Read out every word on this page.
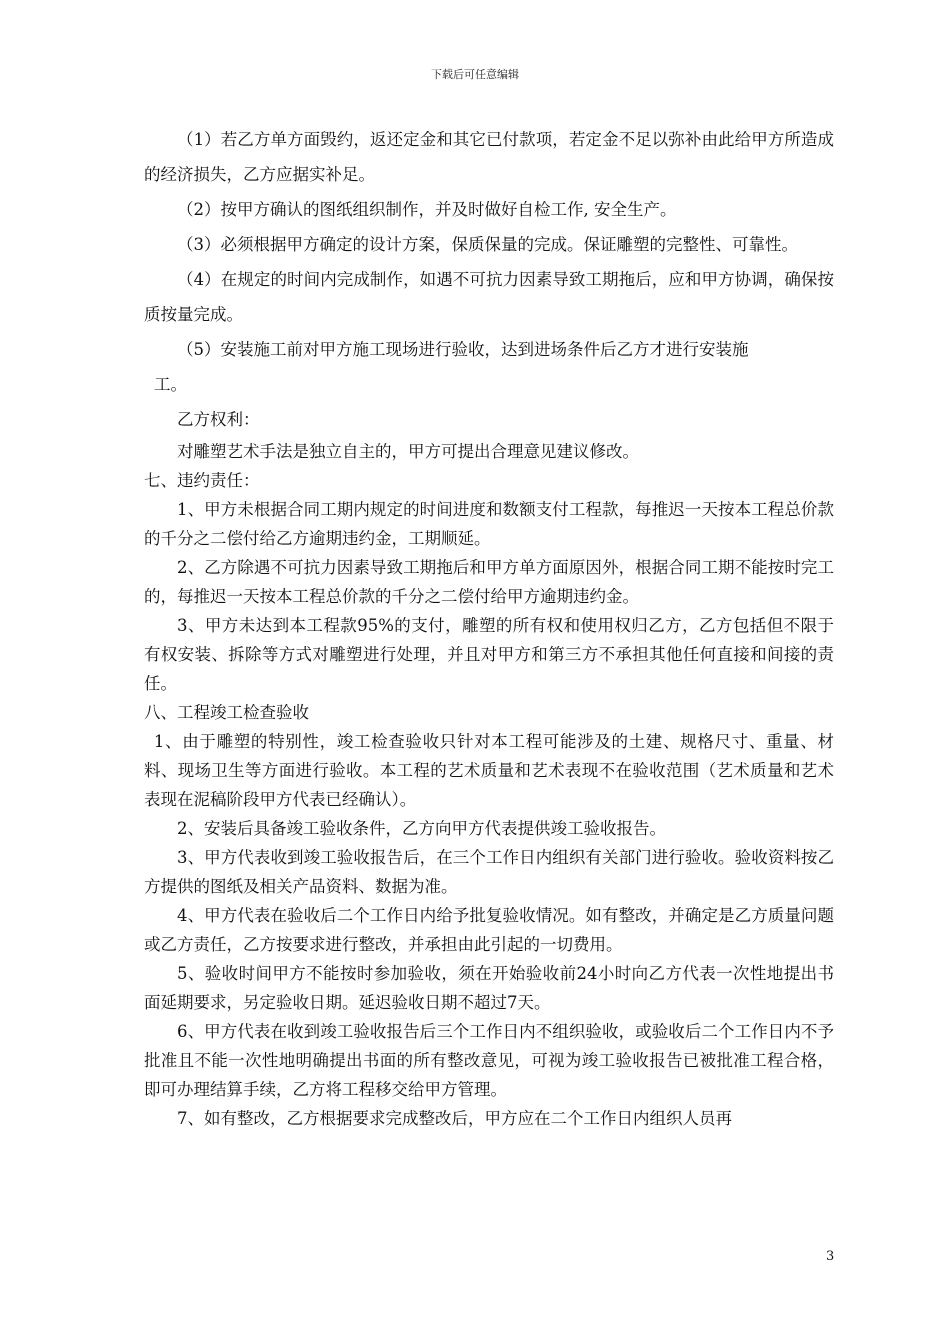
下载后可任意编辑

（1）若乙方单方面毁约，返还定金和其它已付款项，若定金不足以弥补由此给甲方所造成的经济损失，乙方应据实补足。

（2）按甲方确认的图纸组织制作，并及时做好自检工作, 安全生产。

（3）必须根据甲方确定的设计方案，保质保量的完成。保证雕塑的完整性、可靠性。

（4）在规定的时间内完成制作，如遇不可抗力因素导致工期拖后，应和甲方协调，确保按质按量完成。

（5）安装施工前对甲方施工现场进行验收，达到进场条件后乙方才进行安装施

工。

乙方权利：

对雕塑艺术手法是独立自主的，甲方可提出合理意见建议修改。

七、违约责任：

1、甲方未根据合同工期内规定的时间进度和数额支付工程款，每推迟一天按本工程总价款的千分之二偿付给乙方逾期违约金，工期顺延。

2、乙方除遇不可抗力因素导致工期拖后和甲方单方面原因外，根据合同工期不能按时完工的，每推迟一天按本工程总价款的千分之二偿付给甲方逾期违约金。

3、甲方未达到本工程款95%的支付，雕塑的所有权和使用权归乙方，乙方包括但不限于有权安装、拆除等方式对雕塑进行处理，并且对甲方和第三方不承担其他任何直接和间接的责任。

八、工程竣工检查验收

1、由于雕塑的特别性，竣工检查验收只针对本工程可能涉及的土建、规格尺寸、重量、材料、现场卫生等方面进行验收。本工程的艺术质量和艺术表现不在验收范围（艺术质量和艺术表现在泥稿阶段甲方代表已经确认）。

2、安装后具备竣工验收条件，乙方向甲方代表提供竣工验收报告。

3、甲方代表收到竣工验收报告后，在三个工作日内组织有关部门进行验收。验收资料按乙方提供的图纸及相关产品资料、数据为准。

4、甲方代表在验收后二个工作日内给予批复验收情况。如有整改，并确定是乙方质量问题或乙方责任，乙方按要求进行整改，并承担由此引起的一切费用。

5、验收时间甲方不能按时参加验收，须在开始验收前24小时向乙方代表一次性地提出书面延期要求，另定验收日期。延迟验收日期不超过7天。

6、甲方代表在收到竣工验收报告后三个工作日内不组织验收，或验收后二个工作日内不予批准且不能一次性地明确提出书面的所有整改意见，可视为竣工验收报告已被批准工程合格，即可办理结算手续，乙方将工程移交给甲方管理。

7、如有整改，乙方根据要求完成整改后，甲方应在二个工作日内组织人员再

3
